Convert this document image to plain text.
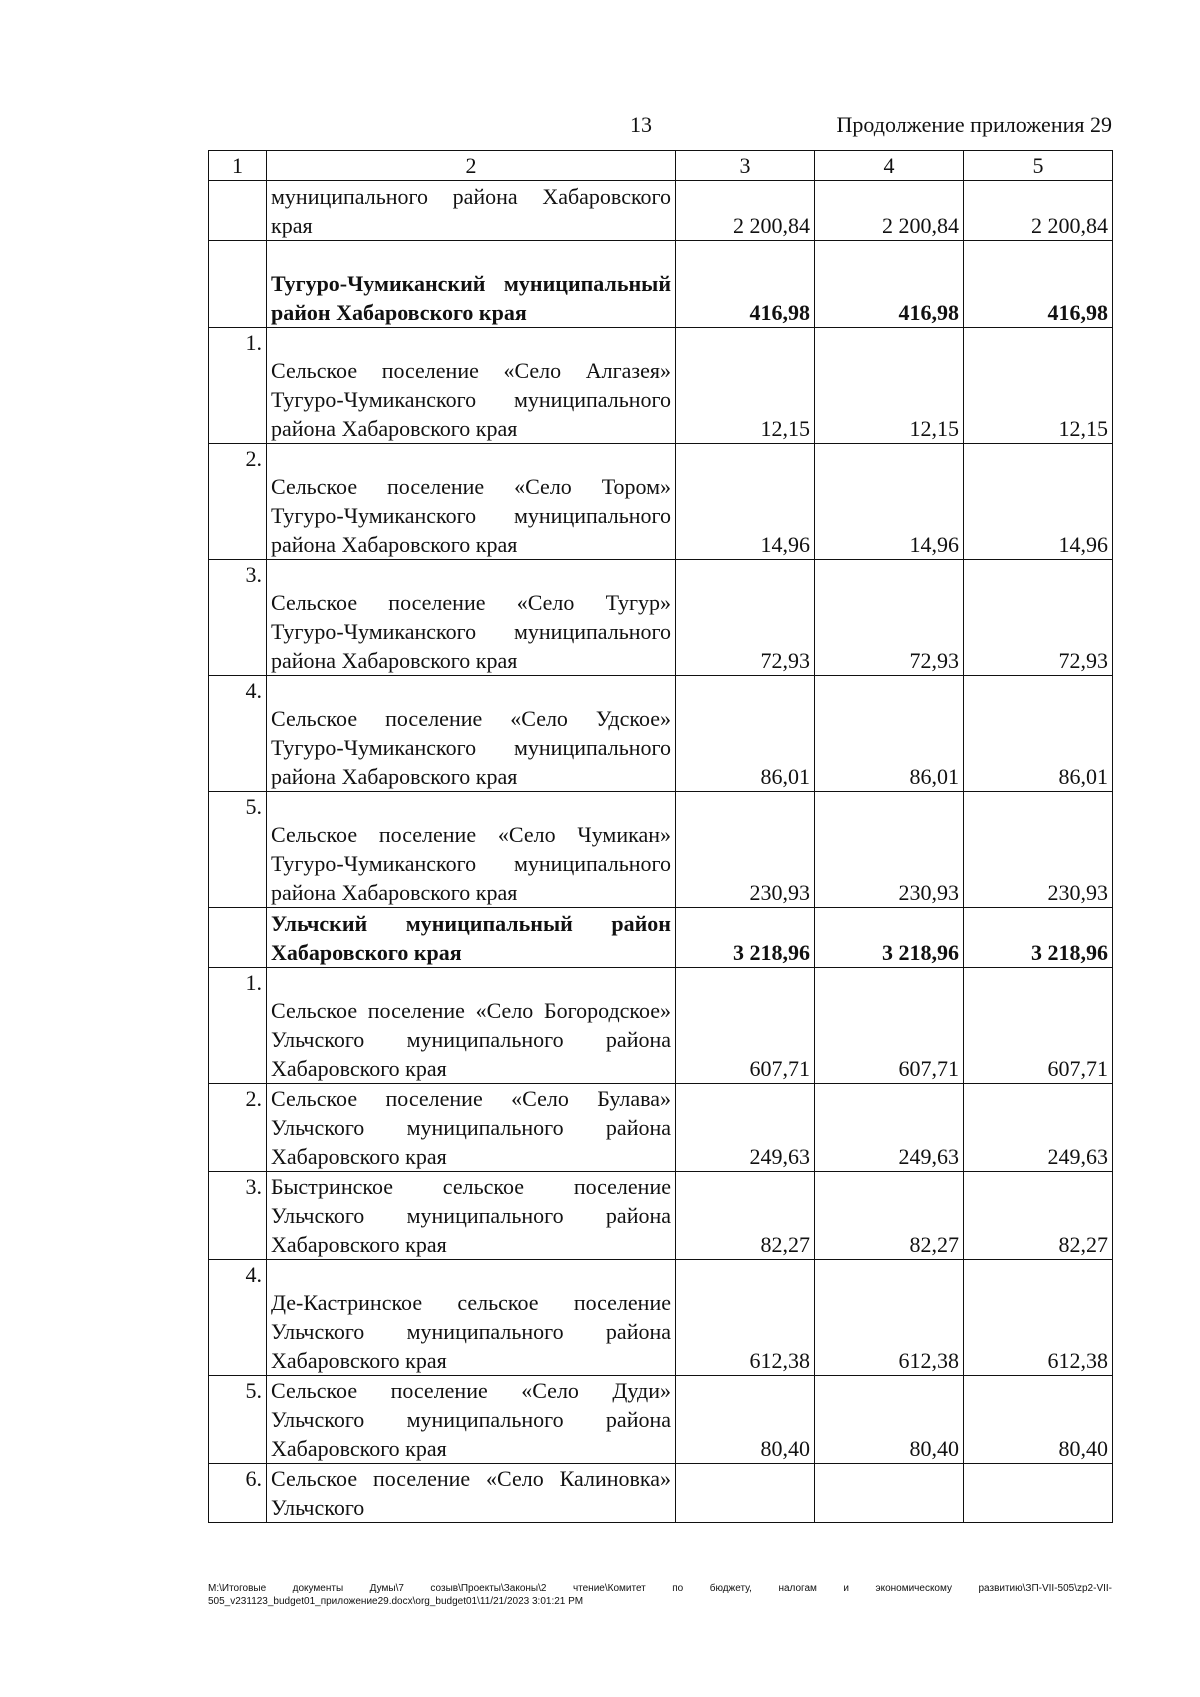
13	Продолжение приложения 29
1	2	3	4	5
	муниципального района Хабаровского края	2 200,84	2 200,84	2 200,84
	Тугуро-Чумиканский муниципальный район Хабаровского края	416,98	416,98	416,98
1.	Сельское поселение «Село Алгазея» Тугуро-Чумиканского муниципального района Хабаровского края	12,15	12,15	12,15
2.	Сельское поселение «Село Тором» Тугуро-Чумиканского муниципального района Хабаровского края	14,96	14,96	14,96
3.	Сельское поселение «Село Тугур» Тугуро-Чумиканского муниципального района Хабаровского края	72,93	72,93	72,93
4.	Сельское поселение «Село Удское» Тугуро-Чумиканского муниципального района Хабаровского края	86,01	86,01	86,01
5.	Сельское поселение «Село Чумикан» Тугуро-Чумиканского муниципального района Хабаровского края	230,93	230,93	230,93
	Ульчский муниципальный район Хабаровского края	3 218,96	3 218,96	3 218,96
1.	Сельское поселение «Село Богородское» Ульчского муниципального района Хабаровского края	607,71	607,71	607,71
2.	Сельское поселение «Село Булава» Ульчского муниципального района Хабаровского края	249,63	249,63	249,63
3.	Быстринское сельское поселение Ульчского муниципального района Хабаровского края	82,27	82,27	82,27
4.	Де-Кастринское сельское поселение Ульчского муниципального района Хабаровского края	612,38	612,38	612,38
5.	Сельское поселение «Село Дуди» Ульчского муниципального района Хабаровского края	80,40	80,40	80,40
6.	Сельское поселение «Село Калиновка» Ульчского			
M:\Итоговые документы Думы\7 созыв\Проекты\Законы\2 чтение\Комитет по бюджету, налогам и экономическому развитию\ЗП-VII-505\zp2-VII-505_v231123_budget01_приложение29.docx\org_budget01\11/21/2023 3:01:21 PM
